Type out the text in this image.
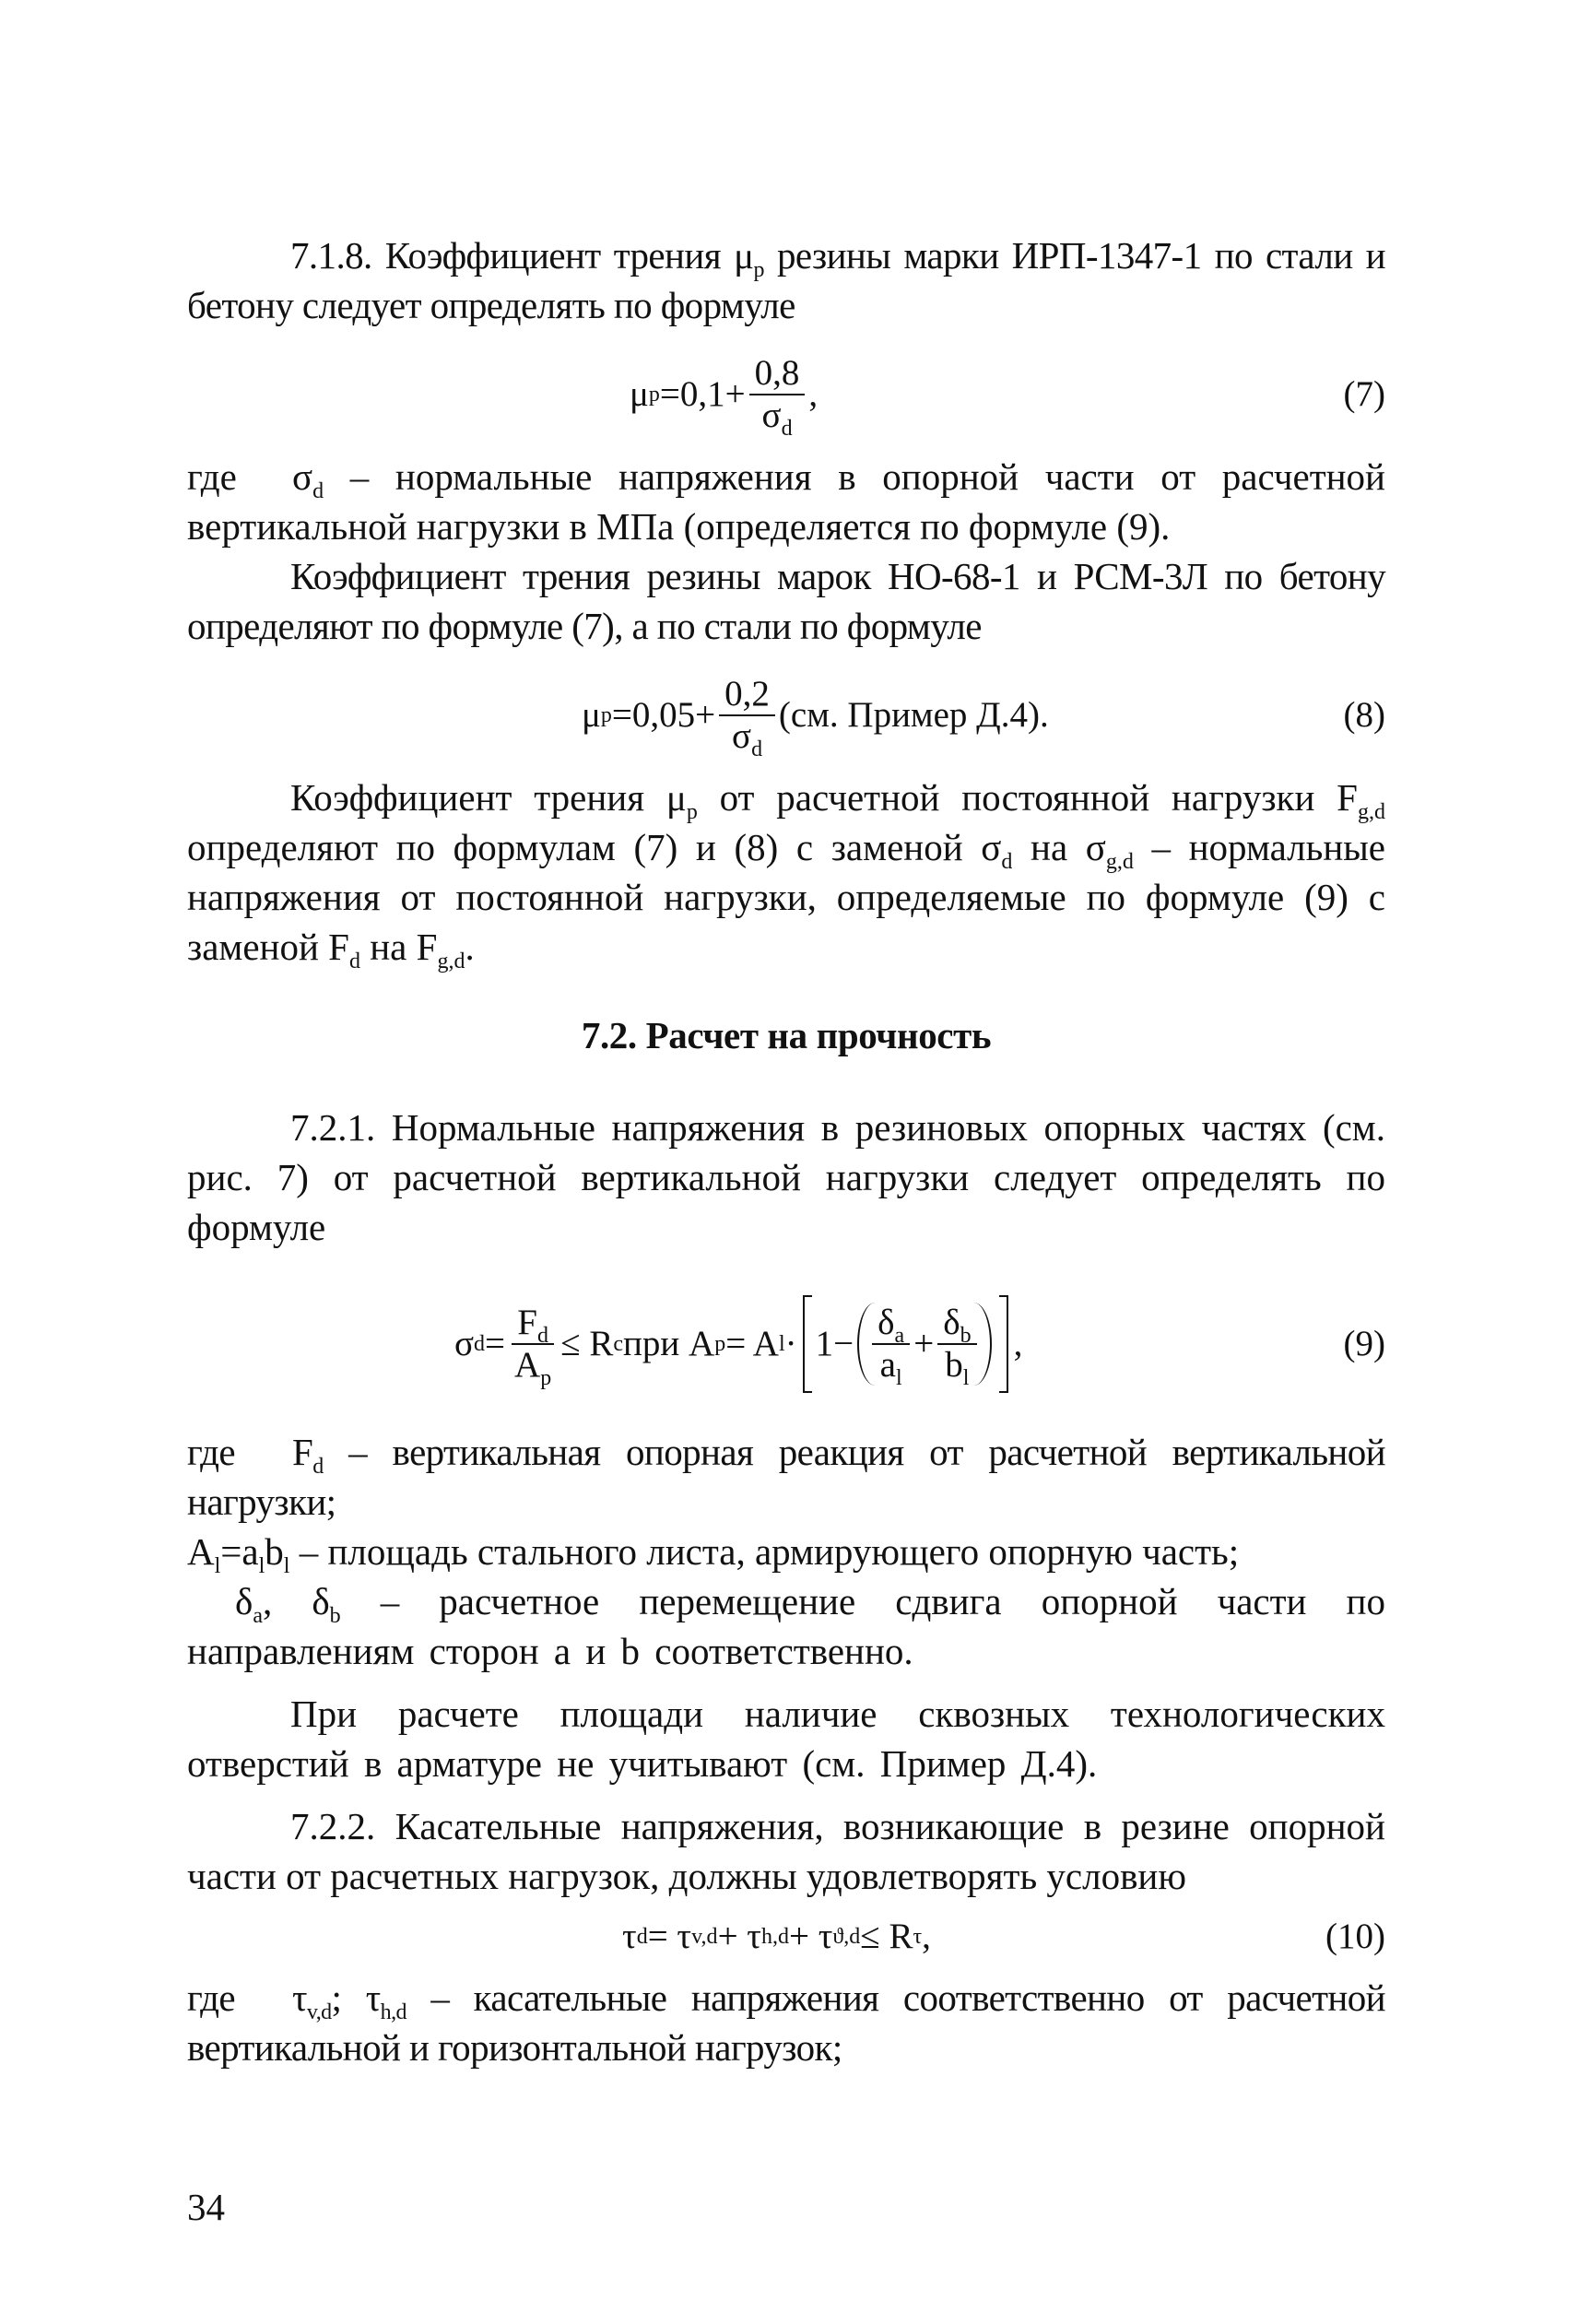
7.1.8. Коэффициент трения $\mu_p$ резины марки ИРП-1347-1 по стали и бетону следует определять по формуле

μ $p =0,1+ \frac{0,8}{\sigma_d}$ ,	(7)

где $\sigma_d$ – нормальные напряжения в опорной части от расчетной вертикальной нагрузки в МПа (определяется по формуле (9).

Коэффициент трения резины марок НО-68-1 и РСМ-3Л по бетону определяют по формуле (7), а по стали по формуле

μ $p =0,05+ \frac{0,2}{\sigma_d} (см$. Пример Д.4).	(8)

Коэффициент трения $\mu_p$ от расчетной постоянной нагрузки $F_{g,d}$ определяют по формулам (7) и (8) с заменой $\sigma_d$ на $\sigma_{g,d}$ – нормальные напряжения от постоянной нагрузки, определяемые по формуле (9) с заменой $F_d$ на $F_{g,d}$.

7.2. Расчет на прочность

7.2.1. Нормальные напряжения в резиновых опорных частях (см. рис. 7) от расчетной вертикальной нагрузки следует определять по формуле

σ $d = \frac{F_d}{A_p} \le R$ c при A p = A $l \cdot 1- \frac{\delta_a}{a_l} + \frac{\delta_b}{b_l}$ ,	(9)

где $F_d$ – вертикальная опорная реакция от расчетной вертикальной нагрузки;

$A_l=a_lb_l$ – площадь стального листа, армирующего опорную часть;

$\delta_a$, $\delta_b$ – расчетное перемещение сдвига опорной части по направлениям сторон a и b соответственно.

При расчете площади наличие сквозных технологических отверстий в арматуре не учитывают (см. Пример Д.4).

7.2.2. Касательные напряжения, возникающие в резине опорной части от расчетных нагрузок, должны удовлетворять условию

τ d = τ v,d + τ h,d + τ ϑ,d ≤ R τ ,	(10)

где $\tau_{v,d}$; $\tau_{h,d}$ – касательные напряжения соответственно от расчетной вертикальной и горизонтальной нагрузок;

34
